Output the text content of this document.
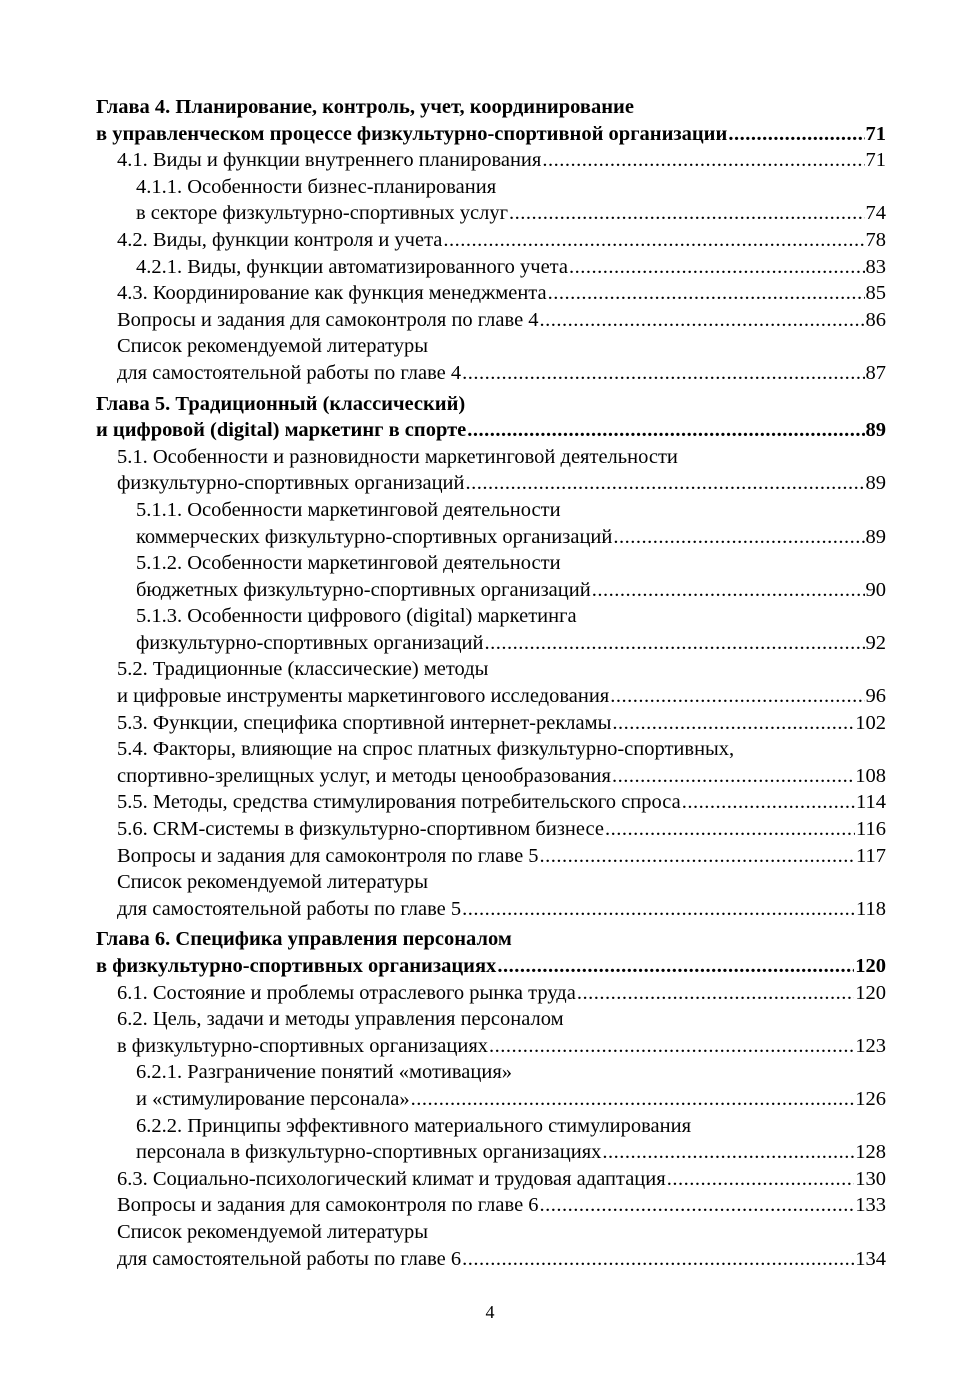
Глава 4. Планирование, контроль, учет, координирование
в управленческом процессе физкультурно-спортивной организации .....	71
4.1. Виды и функции внутреннего планирования .....	71
4.1.1. Особенности бизнес-планирования
в секторе физкультурно-спортивных услуг .....	74
4.2. Виды, функции контроля и учета .....	78
4.2.1. Виды, функции автоматизированного учета .....	83
4.3. Координирование как функция менеджмента .....	85
Вопросы и задания для самоконтроля по главе 4 .....	86
Список рекомендуемой литературы
для самостоятельной работы по главе 4 .....	87
Глава 5. Традиционный (классический)
и цифровой (digital) маркетинг в спорте .....	89
5.1. Особенности и разновидности маркетинговой деятельности
физкультурно-спортивных организаций .....	89
5.1.1. Особенности маркетинговой деятельности
коммерческих физкультурно-спортивных организаций .....	89
5.1.2. Особенности маркетинговой деятельности
бюджетных физкультурно-спортивных организаций .....	90
5.1.3. Особенности цифрового (digital) маркетинга
физкультурно-спортивных организаций .....	92
5.2. Традиционные (классические) методы
и цифровые инструменты маркетингового исследования .....	96
5.3. Функции, специфика спортивной интернет-рекламы .....	102
5.4. Факторы, влияющие на спрос платных физкультурно-спортивных,
спортивно-зрелищных услуг, и методы ценообразования .....	108
5.5. Методы, средства стимулирования потребительского спроса .....	114
5.6. CRM-системы в физкультурно-спортивном бизнесе .....	116
Вопросы и задания для самоконтроля по главе 5 .....	117
Список рекомендуемой литературы
для самостоятельной работы по главе 5 .....	118
Глава 6. Специфика управления персоналом
в физкультурно-спортивных организациях .....	120
6.1. Состояние и проблемы отраслевого рынка труда .....	120
6.2. Цель, задачи и методы управления персоналом
в физкультурно-спортивных организациях .....	123
6.2.1. Разграничение понятий «мотивация»
и «стимулирование персонала» .....	126
6.2.2. Принципы эффективного материального стимулирования
персонала в физкультурно-спортивных организациях .....	128
6.3. Социально-психологический климат и трудовая адаптация .....	130
Вопросы и задания для самоконтроля по главе 6 .....	133
Список рекомендуемой литературы
для самостоятельной работы по главе 6 .....	134
4
